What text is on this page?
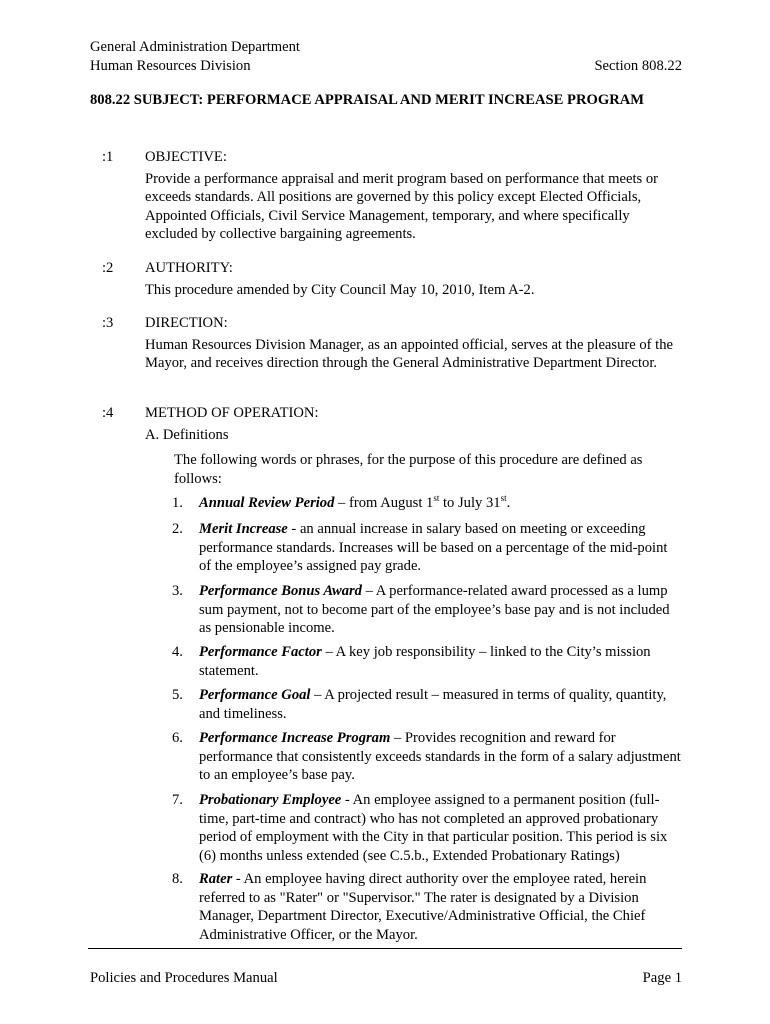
General Administration Department
Human Resources Division	Section 808.22
808.22 SUBJECT: PERFORMACE APPRAISAL AND MERIT INCREASE PROGRAM
:1 OBJECTIVE:
Provide a performance appraisal and merit program based on performance that meets or exceeds standards. All positions are governed by this policy except Elected Officials, Appointed Officials, Civil Service Management, temporary, and where specifically excluded by collective bargaining agreements.
:2 AUTHORITY:
This procedure amended by City Council May 10, 2010, Item A-2.
:3 DIRECTION:
Human Resources Division Manager, as an appointed official, serves at the pleasure of the Mayor, and receives direction through the General Administrative Department Director.
:4 METHOD OF OPERATION:
A. Definitions
The following words or phrases, for the purpose of this procedure are defined as follows:
1. Annual Review Period – from August 1st to July 31st.
2. Merit Increase - an annual increase in salary based on meeting or exceeding performance standards. Increases will be based on a percentage of the mid-point of the employee’s assigned pay grade.
3. Performance Bonus Award – A performance-related award processed as a lump sum payment, not to become part of the employee’s base pay and is not included as pensionable income.
4. Performance Factor – A key job responsibility – linked to the City’s mission statement.
5. Performance Goal – A projected result – measured in terms of quality, quantity, and timeliness.
6. Performance Increase Program – Provides recognition and reward for performance that consistently exceeds standards in the form of a salary adjustment to an employee’s base pay.
7. Probationary Employee - An employee assigned to a permanent position (full-time, part-time and contract) who has not completed an approved probationary period of employment with the City in that particular position. This period is six (6) months unless extended (see C.5.b., Extended Probationary Ratings)
8. Rater - An employee having direct authority over the employee rated, herein referred to as "Rater" or "Supervisor." The rater is designated by a Division Manager, Department Director, Executive/Administrative Official, the Chief Administrative Officer, or the Mayor.
Policies and Procedures Manual	Page 1
